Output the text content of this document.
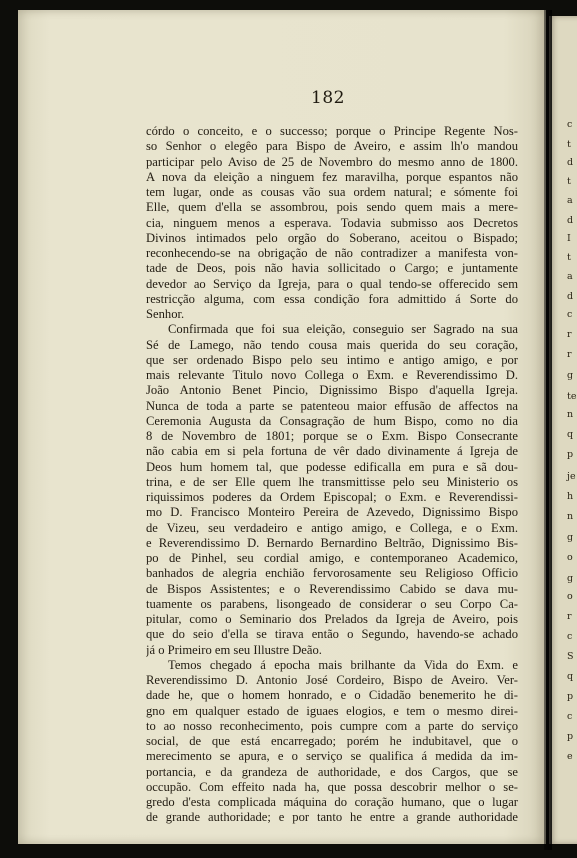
c
t
d
t
a
d
I
t
a
d
c
r
r
g
te
n
q
p
je
h
n
g
o
g
o
r
c
S
q
p
c
p
e
182
córdo o conceito, e o successo; porque o Principe Regente Nos-
so Senhor o elegêo para Bispo de Aveiro, e assim lh'o mandou
participar pelo Aviso de 25 de Novembro do mesmo anno de 1800.
A nova da eleição a ninguem fez maravilha, porque espantos não
tem lugar, onde as cousas vão sua ordem natural; e sómente foi
Elle, quem d'ella se assombrou, pois sendo quem mais a mere-
cia, ninguem menos a esperava. Todavia submisso aos Decretos
Divinos intimados pelo orgão do Soberano, aceitou o Bispado;
reconhecendo-se na obrigação de não contradizer a manifesta von-
tade de Deos, pois não havia sollicitado o Cargo; e juntamente
devedor ao Serviço da Igreja, para o qual tendo-se offerecido sem
restricção alguma, com essa condição fora admittido á Sorte do
Senhor.
Confirmada que foi sua eleição, conseguio ser Sagrado na sua
Sé de Lamego, não tendo cousa mais querida do seu coração,
que ser ordenado Bispo pelo seu intimo e antigo amigo, e por
mais relevante Titulo novo Collega o Exm. e Reverendissimo D.
João Antonio Benet Pincio, Dignissimo Bispo d'aquella Igreja.
Nunca de toda a parte se patenteou maior effusão de affectos na
Ceremonia Augusta da Consagração de hum Bispo, como no dia
8 de Novembro de 1801; porque se o Exm. Bispo Consecrante
não cabia em si pela fortuna de vêr dado divinamente á Igreja de
Deos hum homem tal, que podesse edificalla em pura e sã dou-
trina, e de ser Elle quem lhe transmittisse pelo seu Ministerio os
riquissimos poderes da Ordem Episcopal; o Exm. e Reverendissi-
mo D. Francisco Monteiro Pereira de Azevedo, Dignissimo Bispo
de Vizeu, seu verdadeiro e antigo amigo, e Collega, e o Exm.
e Reverendissimo D. Bernardo Bernardino Beltrão, Dignissimo Bis-
po de Pinhel, seu cordial amigo, e contemporaneo Academico,
banhados de alegria enchião fervorosamente seu Religioso Officio
de Bispos Assistentes; e o Reverendissimo Cabido se dava mu-
tuamente os parabens, lisongeado de considerar o seu Corpo Ca-
pitular, como o Seminario dos Prelados da Igreja de Aveiro, pois
que do seio d'ella se tirava então o Segundo, havendo-se achado
já o Primeiro em seu Illustre Deão.
Temos chegado á epocha mais brilhante da Vida do Exm. e
Reverendissimo D. Antonio José Cordeiro, Bispo de Aveiro. Ver-
dade he, que o homem honrado, e o Cidadão benemerito he di-
gno em qualquer estado de iguaes elogios, e tem o mesmo direi-
to ao nosso reconhecimento, pois cumpre com a parte do serviço
social, de que está encarregado; porém he indubitavel, que o
merecimento se apura, e o serviço se qualifica á medida da im-
portancia, e da grandeza de authoridade, e dos Cargos, que se
occupão. Com effeito nada ha, que possa descobrir melhor o se-
gredo d'esta complicada máquina do coração humano, que o lugar
de grande authoridade; e por tanto he entre a grande authoridade
